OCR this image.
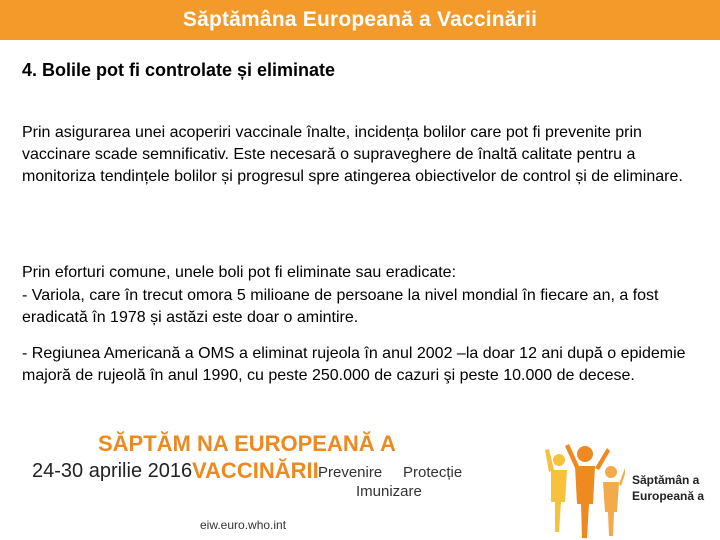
Săptămâna Europeană a Vaccinării
4. Bolile pot fi controlate și eliminate

Prin asigurarea unei acoperiri vaccinale înalte, incidența bolilor care pot fi prevenite prin vaccinare scade semnificativ. Este necesară o supraveghere de înaltă calitate pentru a monitoriza tendințele bolilor și progresul spre atingerea obiectivelor de control și de eliminare.

Prin eforturi comune, unele boli pot fi eliminate sau eradicate:

- Variola, care în trecut omora 5 milioane de persoane la nivel mondial în fiecare an, a fost eradicată în 1978 și astăzi este doar o amintire.

- Regiunea Americană a OMS a eliminat rujeola în anul 2002 –la doar 12 ani după o epidemie majoră de rujeolă în anul 1990, cu peste 250.000 de cazuri şi peste 10.000 de decese.

SĂPTĂM NA EUROPEANĂ A
24-30 aprilie 2016 VACCINĂRII Prevenire Protecție
Imunizare
eiw.euro.who.int
Săptămân a Europeană a
